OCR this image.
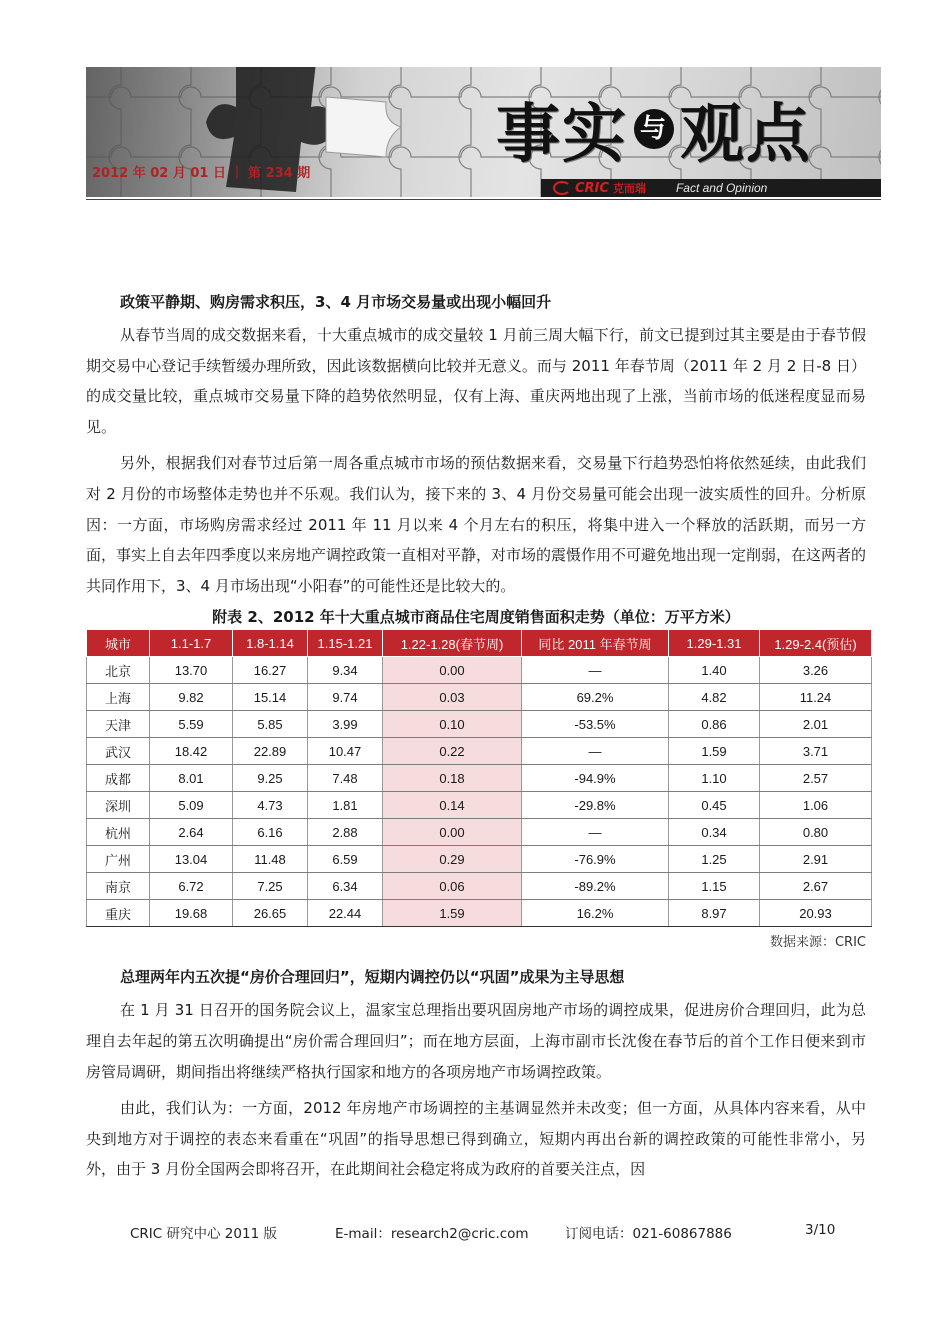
事实 与 观点
2012 年 02 月 01 日 ｜ 第 234 期
CRIC 克而瑞	Fact and Opinion
政策平静期、购房需求积压，3、4 月市场交易量或出现小幅回升

从春节当周的成交数据来看，十大重点城市的成交量较 1 月前三周大幅下行，前文已提到过其主要是由于春节假期交易中心登记手续暂缓办理所致，因此该数据横向比较并无意义。而与 2011 年春节周（2011 年 2 月 2 日-8 日）的成交量比较，重点城市交易量下降的趋势依然明显，仅有上海、重庆两地出现了上涨，当前市场的低迷程度显而易见。

另外，根据我们对春节过后第一周各重点城市市场的预估数据来看，交易量下行趋势恐怕将依然延续，由此我们对 2 月份的市场整体走势也并不乐观。我们认为，接下来的 3、4 月份交易量可能会出现一波实质性的回升。分析原因：一方面，市场购房需求经过 2011 年 11 月以来 4 个月左右的积压，将集中进入一个释放的活跃期，而另一方面，事实上自去年四季度以来房地产调控政策一直相对平静，对市场的震慑作用不可避免地出现一定削弱，在这两者的共同作用下，3、4 月市场出现“小阳春”的可能性还是比较大的。

附表 2、2012 年十大重点城市商品住宅周度销售面积走势（单位：万平方米）
城市	1.1-1.7	1.8-1.14	1.15-1.21	1.22-1.28(春节周)	同比 2011 年春节周	1.29-1.31	1.29-2.4(预估)
北京	13.70	16.27	9.34	0.00	—	1.40	3.26
上海	9.82	15.14	9.74	0.03	69.2%	4.82	11.24
天津	5.59	5.85	3.99	0.10	-53.5%	0.86	2.01
武汉	18.42	22.89	10.47	0.22	—	1.59	3.71
成都	8.01	9.25	7.48	0.18	-94.9%	1.10	2.57
深圳	5.09	4.73	1.81	0.14	-29.8%	0.45	1.06
杭州	2.64	6.16	2.88	0.00	—	0.34	0.80
广州	13.04	11.48	6.59	0.29	-76.9%	1.25	2.91
南京	6.72	7.25	6.34	0.06	-89.2%	1.15	2.67
重庆	19.68	26.65	22.44	1.59	16.2%	8.97	20.93
数据来源：CRIC
总理两年内五次提“房价合理回归”，短期内调控仍以“巩固”成果为主导思想

在 1 月 31 日召开的国务院会议上，温家宝总理指出要巩固房地产市场的调控成果，促进房价合理回归，此为总理自去年起的第五次明确提出“房价需合理回归”；而在地方层面，上海市副市长沈俊在春节后的首个工作日便来到市房管局调研，期间指出将继续严格执行国家和地方的各项房地产市场调控政策。

由此，我们认为：一方面，2012 年房地产市场调控的主基调显然并未改变；但一方面，从具体内容来看，从中央到地方对于调控的表态来看重在“巩固”的指导思想已得到确立，短期内再出台新的调控政策的可能性非常小，另外，由于 3 月份全国两会即将召开，在此期间社会稳定将成为政府的首要关注点，因

CRIC 研究中心 2011 版	E-mail：research2@cric.com	订阅电话：021-60867886	3/10
